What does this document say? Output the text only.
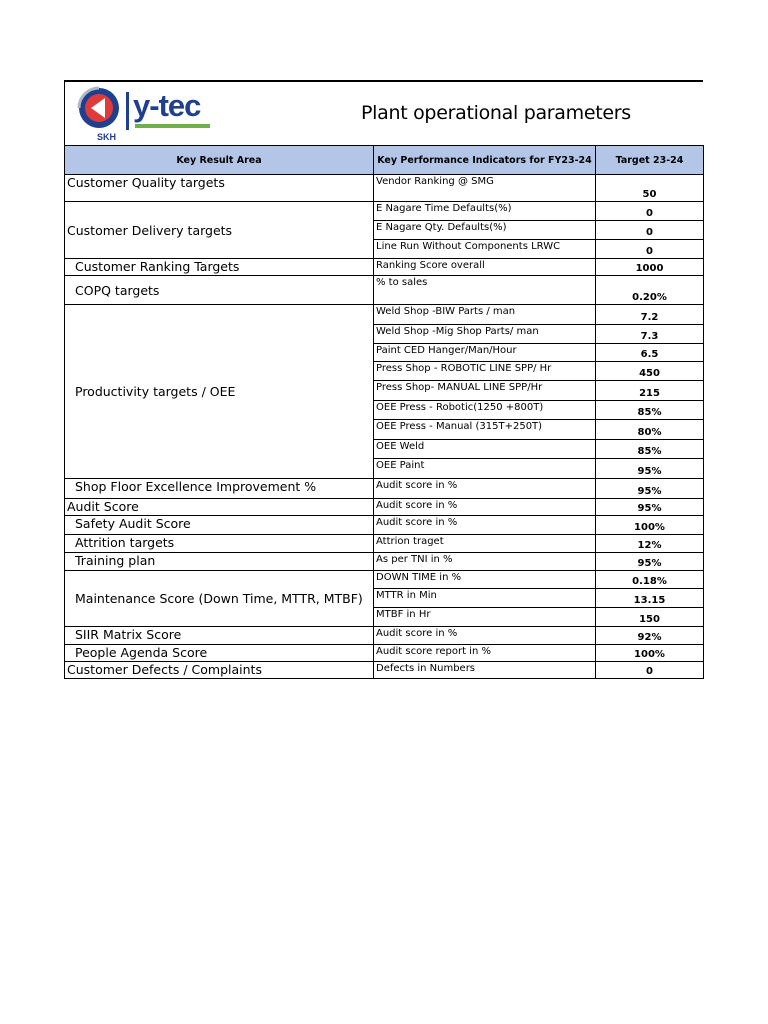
y-tec
SKH
Plant operational parameters
Key Result Area	Key Performance Indicators for FY23-24	Target 23-24
Customer Quality targets	Vendor Ranking @ SMG	50
Customer Delivery targets	E Nagare Time Defaults(%)	0
	E Nagare Qty. Defaults(%)	0
	Line Run Without Components LRWC	0
Customer Ranking Targets	Ranking Score overall	1000
COPQ targets	% to sales	0.20%
Productivity targets / OEE	Weld Shop -BIW Parts / man	7.2
	Weld Shop -Mig Shop Parts/ man	7.3
	Paint CED Hanger/Man/Hour	6.5
	Press Shop - ROBOTIC LINE SPP/ Hr	450
	Press Shop- MANUAL LINE SPP/Hr	215
	OEE Press - Robotic(1250 +800T)	85%
	OEE Press - Manual (315T+250T)	80%
	OEE Weld	85%
	OEE Paint	95%
Shop Floor Excellence Improvement %	Audit score in %	95%
Audit Score	Audit score in %	95%
Safety Audit Score	Audit score in %	100%
Attrition targets	Attrion traget	12%
Training plan	As per TNI in %	95%
Maintenance Score (Down Time, MTTR, MTBF)	DOWN TIME in %	0.18%
	MTTR in Min	13.15
	MTBF in Hr	150
SIIR Matrix Score	Audit score in %	92%
People Agenda Score	Audit score report in %	100%
Customer Defects / Complaints	Defects in Numbers	0
